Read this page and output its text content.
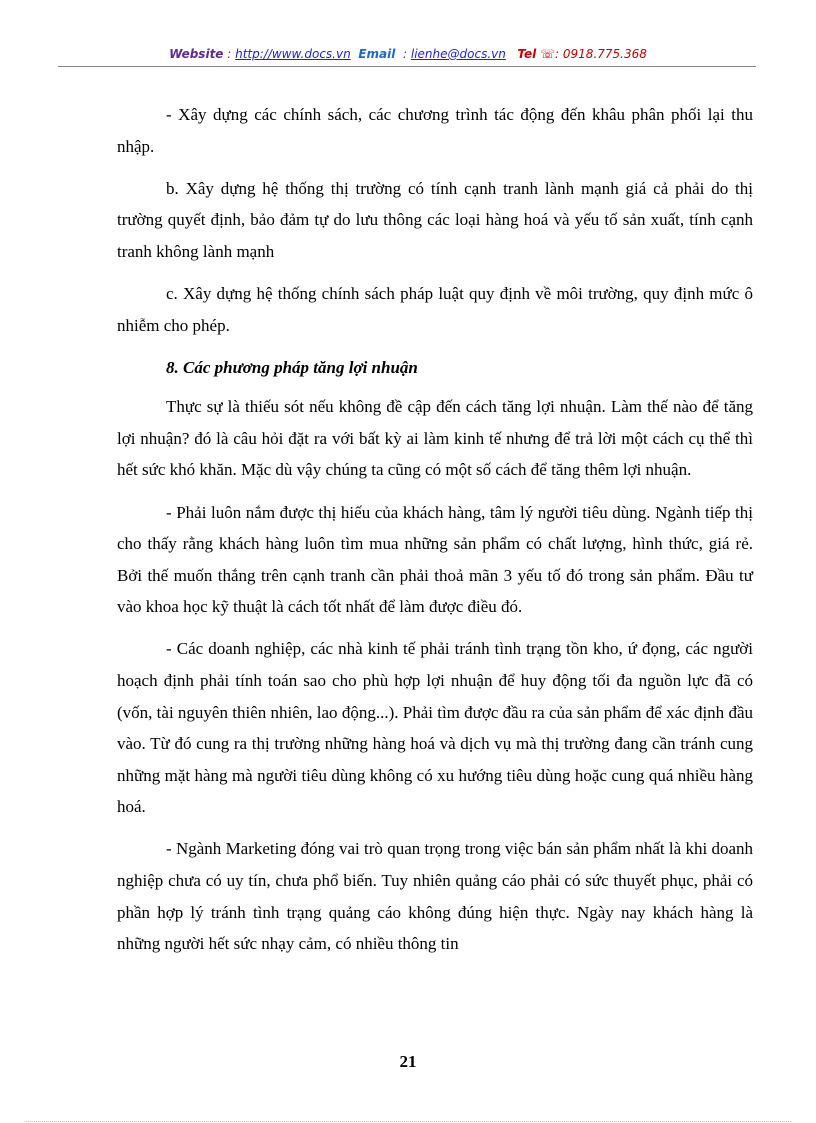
Website : http://www.docs.vn Email  : lienhe@docs.vn Tel ☏: 0918.775.368

- Xây dựng các chính sách, các chương trình tác động đến khâu phân phối lại thu nhập.

b. Xây dựng hệ thống thị trường có tính cạnh tranh lành mạnh giá cả phải do thị trường quyết định, bảo đảm tự do lưu thông các loại hàng hoá và yếu tố sản xuất, tính cạnh tranh không lành mạnh

c. Xây dựng hệ thống chính sách pháp luật quy định về môi trường, quy định mức ô nhiễm cho phép.

8. Các phương pháp tăng lợi nhuận

Thực sự là thiếu sót nếu không đề cập đến cách tăng lợi nhuận. Làm thế nào để tăng lợi nhuận? đó là câu hỏi đặt ra với bất kỳ ai làm kinh tế nhưng để trả lời một cách cụ thể thì hết sức khó khăn. Mặc dù vậy chúng ta cũng có một số cách để tăng thêm lợi nhuận.

- Phải luôn nắm được thị hiếu của khách hàng, tâm lý người tiêu dùng. Ngành tiếp thị cho thấy rằng khách hàng luôn tìm mua những sản phẩm có chất lượng, hình thức, giá rẻ. Bởi thế muốn thắng trên cạnh tranh cần phải thoả mãn 3 yếu tố đó trong sản phẩm. Đầu tư vào khoa học kỹ thuật là cách tốt nhất để làm được điều đó.

- Các doanh nghiệp, các nhà kinh tế phải tránh tình trạng tồn kho, ứ đọng, các người hoạch định phải tính toán sao cho phù hợp lợi nhuận để huy động tối đa nguồn lực đã có (vốn, tài nguyên thiên nhiên, lao động...). Phải tìm được đầu ra của sản phẩm để xác định đầu vào. Từ đó cung ra thị trường những hàng hoá và dịch vụ mà thị trường đang cần tránh cung những mặt hàng mà người tiêu dùng không có xu hướng tiêu dùng hoặc cung quá nhiều hàng hoá.

- Ngành Marketing đóng vai trò quan trọng trong việc bán sản phẩm nhất là khi doanh nghiệp chưa có uy tín, chưa phổ biến. Tuy nhiên quảng cáo phải có sức thuyết phục, phải có phần hợp lý tránh tình trạng quảng cáo không đúng hiện thực. Ngày nay khách hàng là những người hết sức nhạy cảm, có nhiều thông tin

21
